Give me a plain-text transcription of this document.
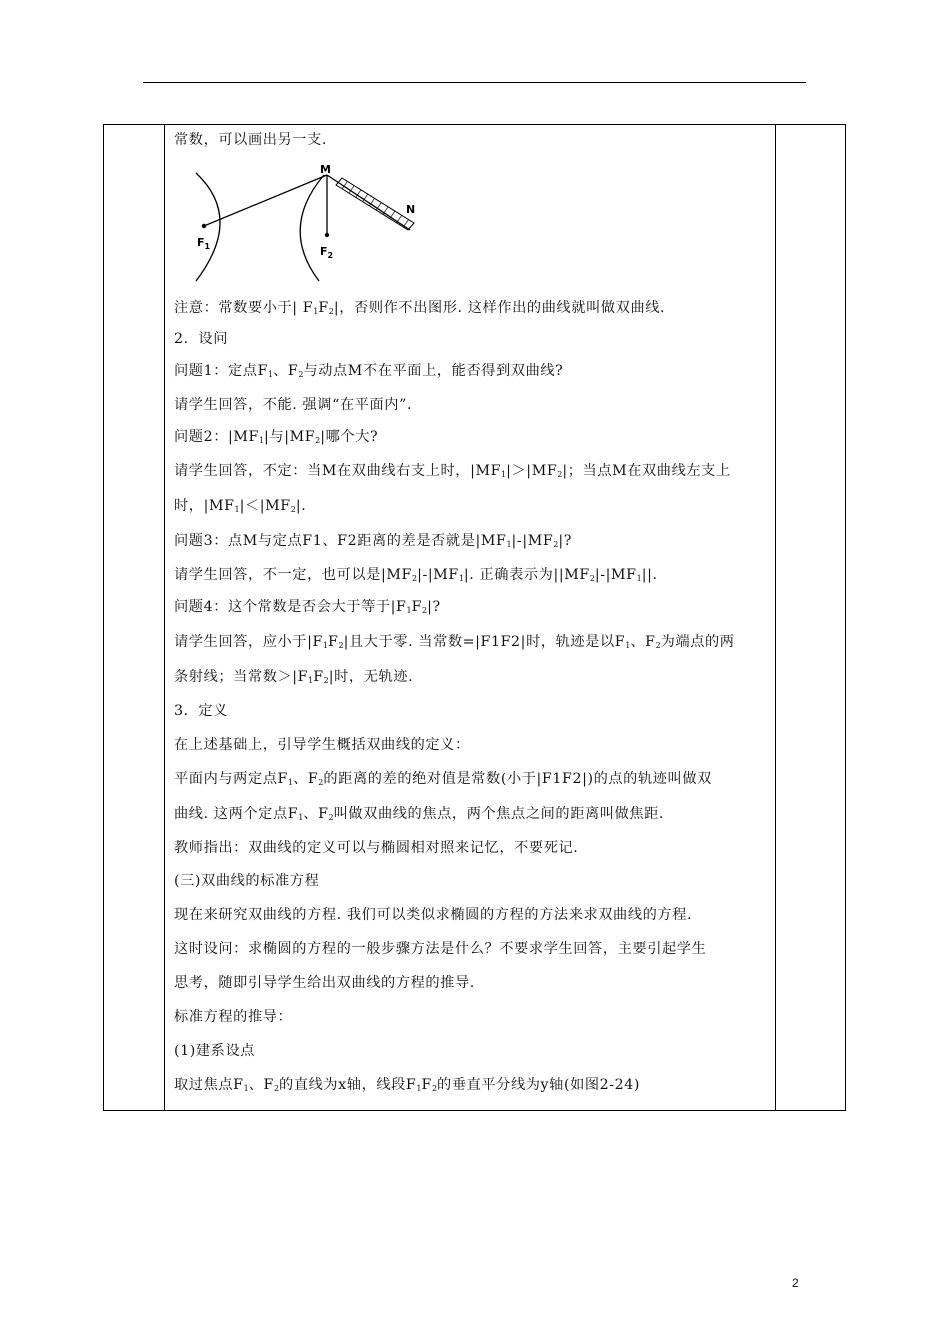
常数，可以画出另一支.
M
N
$F_1$	$F_2$
注意：常数要小于| $F_1F_2|$，否则作不出图形. 这样作出的曲线就叫做双曲线.
2．设问
问题1：定点$F_1$、$F_2$与动点M不在平面上，能否得到双曲线?
请学生回答，不能. 强调“在平面内”.
问题2：$|MF_1|$与$|MF_2|$哪个大?
请学生回答，不定：当M在双曲线右支上时，$|MF_1|>|MF_2|$；当点M在双曲线左支上
时，$|MF_1|<|MF_2|$.
问题3：点M与定点F1、F2距离的差是否就是$|MF_1|-|MF_2|$?
请学生回答，不一定，也可以是$|MF_2|-|MF_1|$. 正确表示为$||MF_2|-|MF_1||$.
问题4：这个常数是否会大于等于$|F_1F_2|$?
请学生回答，应小于$|F_1F_2|$且大于零. 当常数=|F1F2|时，轨迹是以$F_1$、$F_2$为端点的两
条射线；当常数$>|F_1F_2|$时，无轨迹.
3．定义
在上述基础上，引导学生概括双曲线的定义：
平面内与两定点$F_1$、$F_2$的距离的差的绝对值是常数(小于|F1F2|)的点的轨迹叫做双
曲线. 这两个定点$F_1$、$F_2$叫做双曲线的焦点，两个焦点之间的距离叫做焦距.
教师指出：双曲线的定义可以与椭圆相对照来记忆，不要死记.
(三)双曲线的标准方程
现在来研究双曲线的方程. 我们可以类似求椭圆的方程的方法来求双曲线的方程.
这时设问：求椭圆的方程的一般步骤方法是什么？不要求学生回答，主要引起学生
思考，随即引导学生给出双曲线的方程的推导.
标准方程的推导：
(1)建系设点
取过焦点$F_1$、$F_2$的直线为x轴，线段$F_1F_2$的垂直平分线为y轴(如图2-24)
2
